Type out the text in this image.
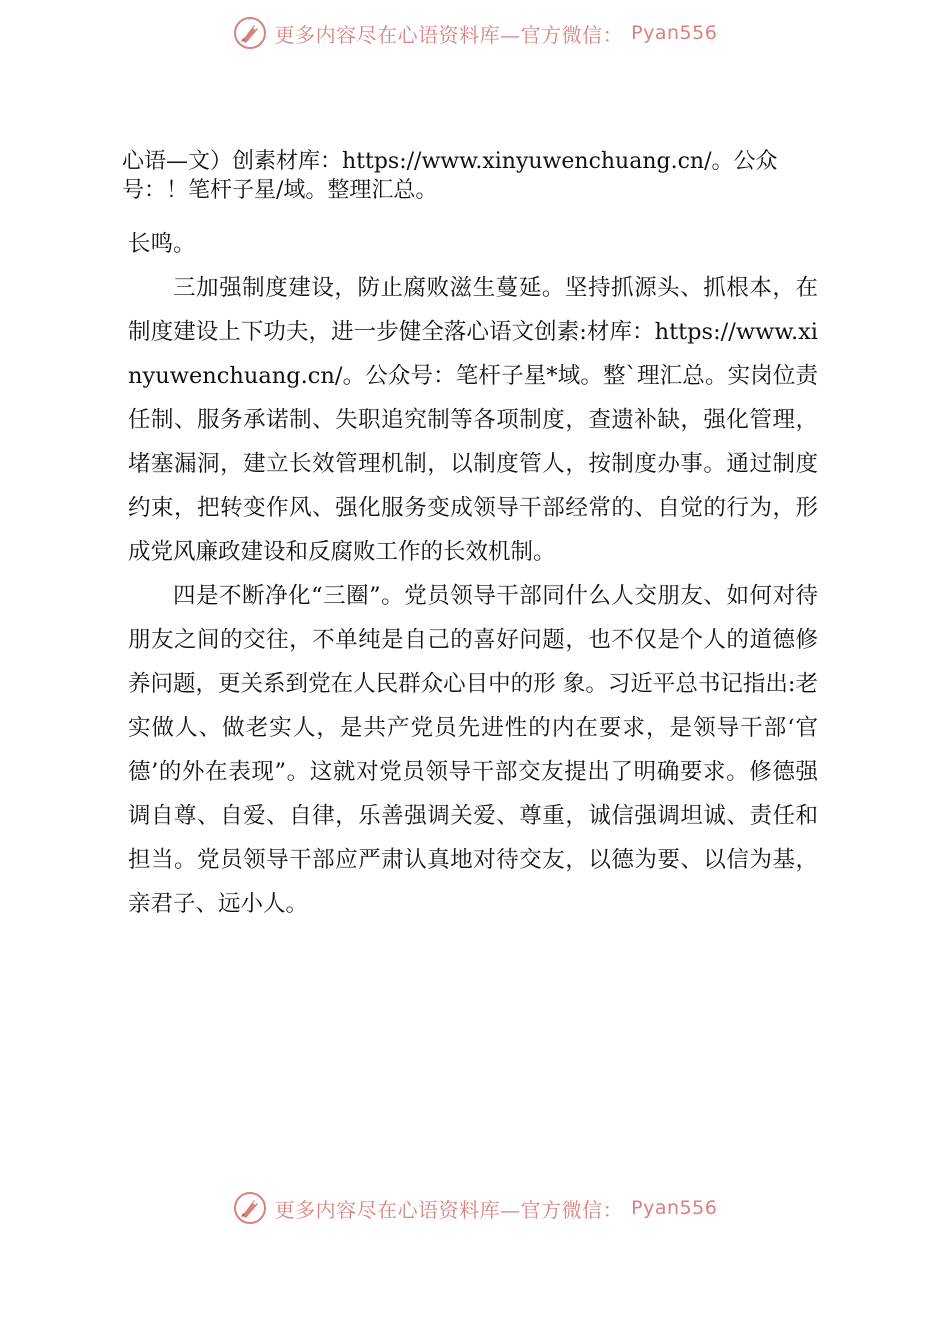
更多内容尽在心语资料库—官方微信： Pyan556

心语—文）创素材库：https://www.xinyuwenchuang.cn/。公众号：！笔杆子星/域。整理汇总。

长鸣。

三加强制度建设，防止腐败滋生蔓延。坚持抓源头、抓根本，在制度建设上下功夫，进一步健全落心语文创素:材库：https://www.xinyuwenchuang.cn/。公众号：笔杆子星*域。整`理汇总。实岗位责任制、服务承诺制、失职追究制等各项制度，查遗补缺，强化管理，堵塞漏洞，建立长效管理机制，以制度管人，按制度办事。通过制度约束，把转变作风、强化服务变成领导干部经常的、自觉的行为，形成党风廉政建设和反腐败工作的长效机制。

四是不断净化“三圈”。党员领导干部同什么人交朋友、如何对待朋友之间的交往，不单纯是自己的喜好问题，也不仅是个人的道德修养问题，更关系到党在人民群众心目中的形 象。习近平总书记指出:老实做人、做老实人，是共产党员先进性的内在要求，是领导干部‘官德’的外在表现”。这就对党员领导干部交友提出了明确要求。修德强调自尊、自爱、自律，乐善强调关爱、尊重，诚信强调坦诚、责任和担当。党员领导干部应严肃认真地对待交友，以德为要、以信为基，亲君子、远小人。

更多内容尽在心语资料库—官方微信： Pyan556
